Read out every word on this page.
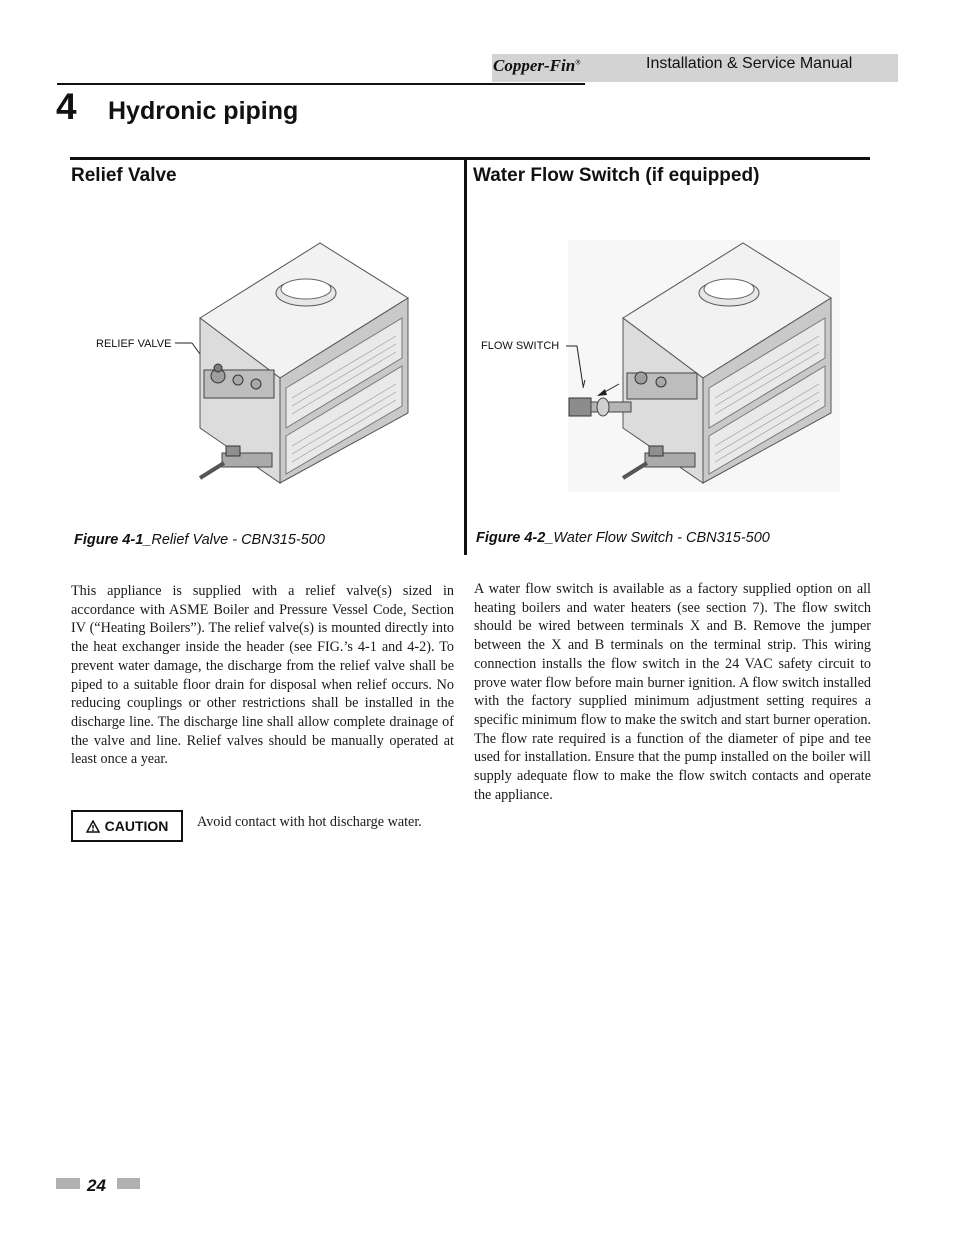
Copper-Fin®	Installation & Service Manual
4 Hydronic piping
Relief Valve	Water Flow Switch (if equipped)
RELIEF VALVE
Figure 4-1_Relief Valve - CBN315-500
FLOW SWITCH
Figure 4-2_Water Flow Switch - CBN315-500
This appliance is supplied with a relief valve(s) sized in accordance with ASME Boiler and Pressure Vessel Code, Section IV (“Heating Boilers”). The relief valve(s) is mounted directly into the heat exchanger inside the header (see FIG.’s 4-1 and 4-2). To prevent water damage, the discharge from the relief valve shall be piped to a suitable floor drain for disposal when relief occurs. No reducing couplings or other restrictions shall be installed in the discharge line. The discharge line shall allow complete drainage of the valve and line. Relief valves should be manually operated at least once a year.
A water flow switch is available as a factory supplied option on all heating boilers and water heaters (see section 7). The flow switch should be wired between terminals X and B. Remove the jumper between the X and B terminals on the terminal strip. This wiring connection installs the flow switch in the 24 VAC safety circuit to prove water flow before main burner ignition. A flow switch installed with the factory supplied minimum adjustment setting requires a specific minimum flow to make the switch and start burner operation. The flow rate required is a function of the diameter of pipe and tee used for installation. Ensure that the pump installed on the boiler will supply adequate flow to make the flow switch contacts and operate the appliance.
CAUTION Avoid contact with hot discharge water.
24
